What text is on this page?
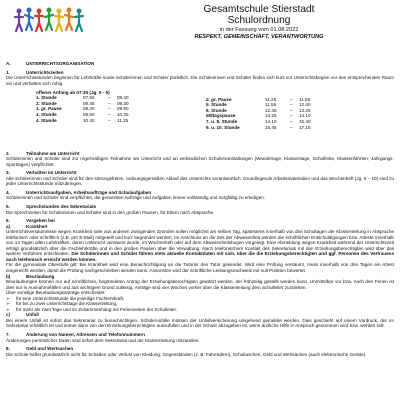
Gesamtschule Stierstadt
Schulordnung
in der Fassung vom 01.08.2022
RESPEKT, GEMEINSCHAFT, VERANTWORTUNG
A.	UNTERRICHTSORGANISATION
1.	Unterrichtszeiten
Die Unterrichtsstunden beginnen für Lehrkräfte sowie Schülerinnen und Schüler pünktlich. Die Schülerinnen und Schüler finden sich kurz vor Unterrichtsbeginn vor den entsprechenden Raum ein und verhalten sich ruhig.
offener Anfang ab 07:30 (Jg. 5 - 9)			
1. Stunde	07.55	–	08.40
2. Stunde	08.45	–	09.30
1. gr. Pause	09.30	–	09.50
3. Stunde	09.50	–	10.35
4. Stunde	10.40	–	11.25
2. gr. Pause	11.25	–	11.55
5. Stunde	11.55	–	12.40
6. Stunde	12.45	–	13.25
Mittagspause	13.25	–	14.10
7. u. 8. Stunde	14.10	–	15.40
9. u. 10. Stunde	15.45	–	17.15
2.	Teilnahme am Unterricht
Schülerinnen und Schüler sind zur regelmäßigen Teilnahme am Unterricht und an verbindlichen Schulveranstaltungen (Wandertage, Klassentage, Schulfeste, Klassenfahrten, Jahrgangs-Sporttagen) verpflichtet.
3.	Verhalten im Unterricht
Alle Schülerinnen und Schüler sind für den störungsfreien, ordnungsgemäßen Ablauf des Unterrichts verantwortlich. Grundlegende Arbeitsmaterialien und das Wochenheft (Jg. 5 – 10) sind zu jeder Unterrichtsstunde mitzubringen.
4.	Unterrichtsaufgaben, Arbeitsaufträge und Schulaufgaben
Schülerinnen und Schüler sind verpflichtet, die genannten Aufträge und Aufgaben immer vollständig und sorgfältig zu erledigen.
5.	Sprechstunden des Sekretariats
Die Sprechzeiten für Schülerinnen und Schüler sind in den großen Pausen, für Eltern nach Absprache.
6.	Vorgehen bei
a)	Krankheit
Unterrichtsversäumnisse wegen Krankheit oder aus anderen zwingenden Gründen sollen möglichst am selben Tag, spätestens innerhalb von drei Schultagen der Klassenleitung in Absprache telefonisch oder schriftlich (z.B. per E-Mail) mitgeteilt und kurz begründet werden. Im Anschluss an die Zeit der Abwesenheit werden die schriftlichen Entschuldigungen bzw. Atteste innerhalb von 14 Tagen allen Lehrkräften, deren Unterricht versäumt wurde, im Wochenheft oder auf dem Abwesenheitsbogen vorgelegt. Eine Abmeldung wegen Krankheit während der Unterrichtszeit erfolgt grundsätzlich über die Fachlehrkräfte und in den großen Pausen über die Verwaltung. Nach telefonischem Kontakt des Sekretariats mit den Erziehungsberechtigten wird über das weitere Verfahren entschieden. Die Schülerinnen und Schüler führen stets aktuelle Kontaktdaten mit sich, über die die Erziehungsberechtigten und ggf. Personen des Vertrauens auch telefonisch erreicht werden können.
Für die gymnasiale Oberstufe gilt: Bei Krankheit wird eine Benachrichtigung an die Tutorin/ den Tutor gesendet. Wird eine Prüfung versäumt, muss innerhalb von drei Tagen ein Attest eingereicht werden, damit die Prüfung nachgeschrieben werden kann. Ansonsten wird der schriftliche Leistungsnachweis mit null Punkten bewertet.
b)	Beurlaubung
Beurlaubungen können nur auf schriftlichen, begründeten Antrag der Erziehungsberechtigten gewährt werden, der frühzeitig gestellt werden kann. Unmittelbar vor bzw. nach den Ferien ist dies nur in Ausnahmefällen und aus wichtigem Grund zulässig. Anträge sind vier Wochen vorher über die Klassenleitung dem Schulleiter zuzuleiten.
Über sonstige Beurlaubungsanträge entscheidet:
➢	für eine Unterrichtsstunde die jeweilige Fachlehrkraft,
➢	für bis zu zwei Unterrichtstage die Klassenleitung,
➢	für mehr als zwei Tage und im Zusammenhang mit Ferienzeiten der Schulleiter.
c)	Unfall
Bei einem Unfall ist sofort das Sekretariat zu benachrichtigen. Schülerunfälle müssen der Unfallversicherung umgehend gemeldet werden. Dies geschieht auf einem Vordruck, der im Sekretariat erhältlich ist und immer dann von den Erziehungsberechtigten auszufüllen und in der Schule abzugeben ist, wenn ärztliche Hilfe in Anspruch genommen wird bzw. werden soll.
7.	Änderung von Namen, Adressen und Telefonnummern
Änderungen persönlicher Daten sind sofort dem Sekretariat und der Klassenleitung mitzuteilen.
8.	Geld und Wertsachen
Die Schule haftet grundsätzlich nicht für Schäden oder Verlust von Kleidung, Gegenständen (z. B. Fahrrädern), Schultaschen, Geld und Wertsachen (auch elektronische Geräte).
